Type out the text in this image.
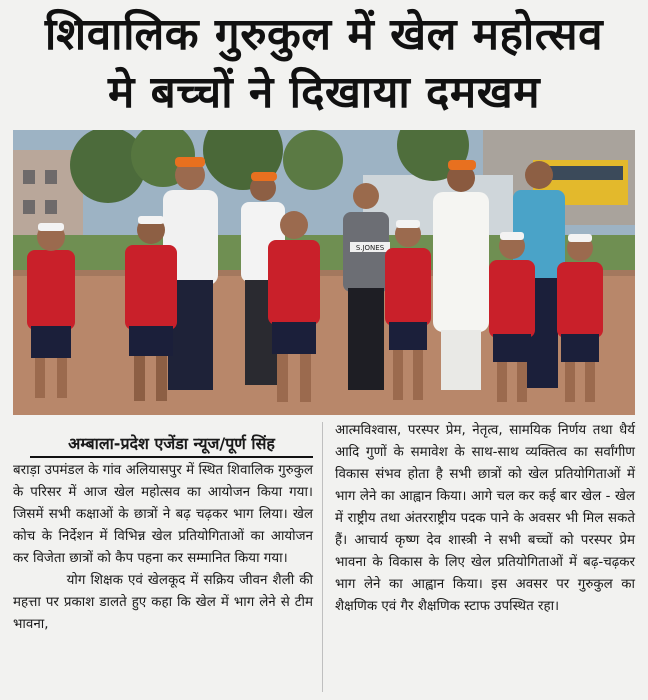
शिवालिक गुरुकुल में खेल महोत्सव
मे बच्चों ने दिखाया दमखम
S.JONES
अम्बाला-प्रदेश एजेंडा न्यूज/पूर्ण सिंह

बराड़ा उपमंडल के गांव अलियासपुर में स्थित शिवालिक गुरुकुल के परिसर में आज खेल महोत्सव का आयोजन किया गया। जिसमें सभी कक्षाओं के छात्रों ने बढ़ चढ़कर भाग लिया। खेल कोच के निर्देशन में विभिन्न खेल प्रतियोगिताओं का आयोजन कर विजेता छात्रों को कैप पहना कर सम्मानित किया गया।

योग शिक्षक एवं खेलकूद में सक्रिय जीवन शैली की महत्ता पर प्रकाश डालते हुए कहा कि खेल में भाग लेने से टीम भावना,

आत्मविश्वास, परस्पर प्रेम, नेतृत्व, सामयिक निर्णय तथा धैर्य आदि गुणों के समावेश के साथ-साथ व्यक्तित्व का सर्वांगीण विकास संभव होता है सभी छात्रों को खेल प्रतियोगिताओं में भाग लेने का आह्वान किया। आगे चल कर कई बार खेल - खेल में राष्ट्रीय तथा अंतरराष्ट्रीय पदक पाने के अवसर भी मिल सकते हैं। आचार्य कृष्ण देव शास्त्री ने सभी बच्चों को परस्पर प्रेम भावना के विकास के लिए खेल प्रतियोगिताओं में बढ़-चढ़कर भाग लेने का आह्वान किया। इस अवसर पर गुरुकुल का शैक्षणिक एवं गैर शैक्षणिक स्टाफ उपस्थित रहा।
